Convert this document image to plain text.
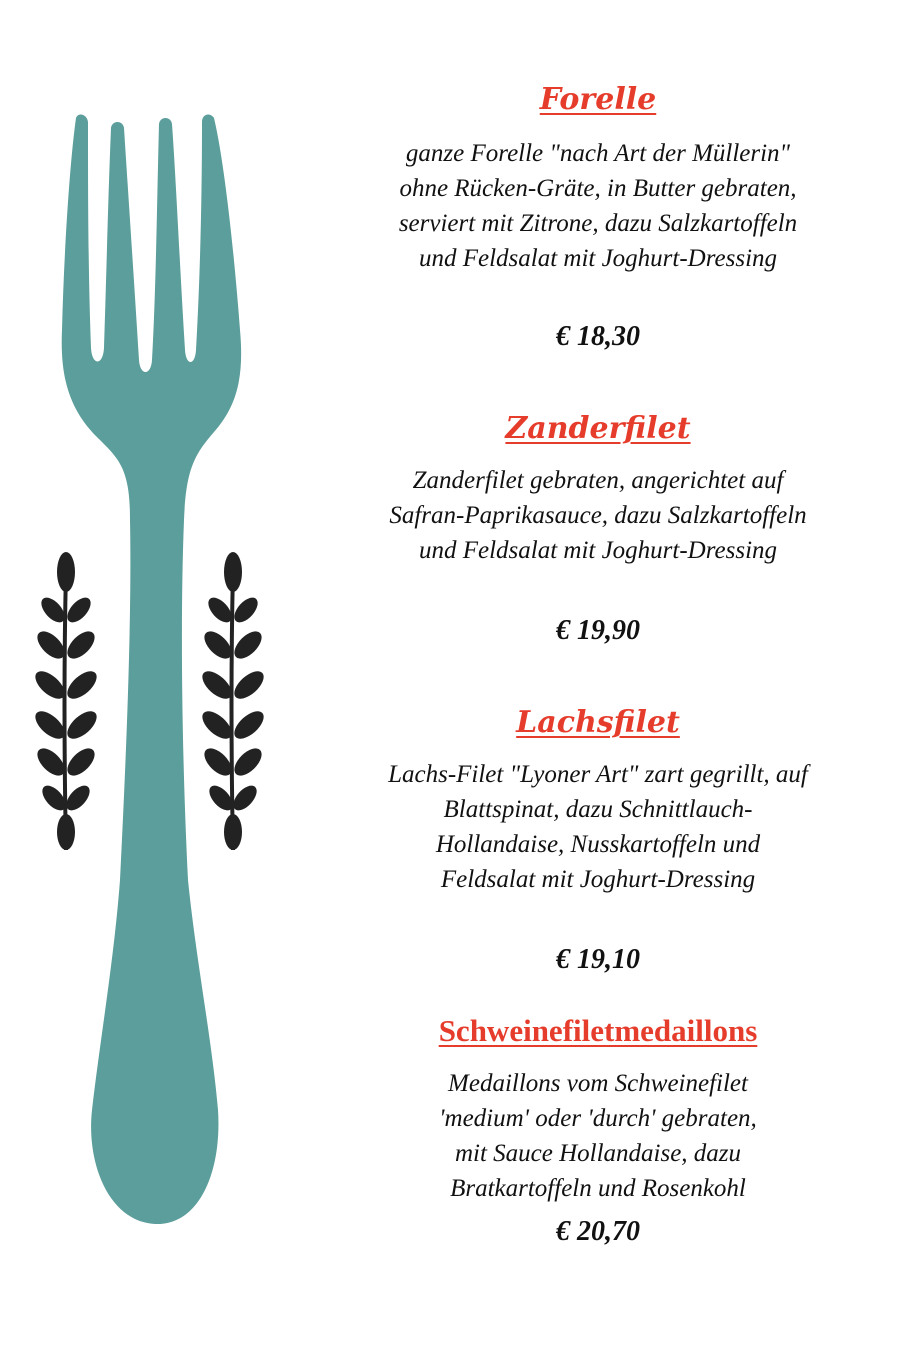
Forelle

ganze Forelle "nach Art der Müllerin"
ohne Rücken-Gräte, in Butter gebraten,
serviert mit Zitrone, dazu Salzkartoffeln
und Feldsalat mit Joghurt-Dressing

€ 18,30

Zanderfilet

Zanderfilet gebraten, angerichtet auf
Safran-Paprikasauce, dazu Salzkartoffeln
und Feldsalat mit Joghurt-Dressing

€ 19,90

Lachsfilet

Lachs-Filet "Lyoner Art" zart gegrillt, auf
Blattspinat, dazu Schnittlauch-
Hollandaise, Nusskartoffeln und
Feldsalat mit Joghurt-Dressing

€ 19,10

Schweinefiletmedaillons

Medaillons vom Schweinefilet
'medium' oder 'durch' gebraten,
mit Sauce Hollandaise, dazu
Bratkartoffeln und Rosenkohl

€ 20,70
